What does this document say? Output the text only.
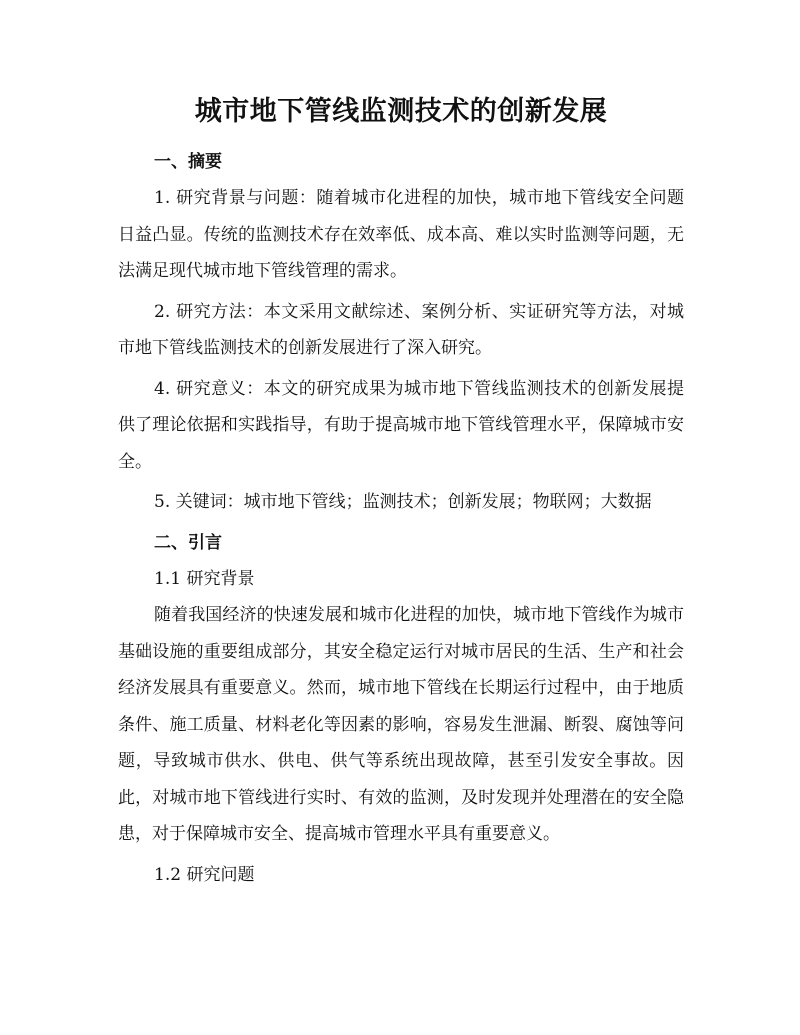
城市地下管线监测技术的创新发展
一、摘要

1. 研究背景与问题：随着城市化进程的加快，城市地下管线安全问题日益凸显。传统的监测技术存在效率低、成本高、难以实时监测等问题，无法满足现代城市地下管线管理的需求。

2. 研究方法：本文采用文献综述、案例分析、实证研究等方法，对城市地下管线监测技术的创新发展进行了深入研究。

4. 研究意义：本文的研究成果为城市地下管线监测技术的创新发展提供了理论依据和实践指导，有助于提高城市地下管线管理水平，保障城市安全。

5. 关键词：城市地下管线；监测技术；创新发展；物联网；大数据

二、引言
1.1 研究背景

随着我国经济的快速发展和城市化进程的加快，城市地下管线作为城市基础设施的重要组成部分，其安全稳定运行对城市居民的生活、生产和社会经济发展具有重要意义。然而，城市地下管线在长期运行过程中，由于地质条件、施工质量、材料老化等因素的影响，容易发生泄漏、断裂、腐蚀等问题，导致城市供水、供电、供气等系统出现故障，甚至引发安全事故。因此，对城市地下管线进行实时、有效的监测，及时发现并处理潜在的安全隐患，对于保障城市安全、提高城市管理水平具有重要意义。

1.2 研究问题
